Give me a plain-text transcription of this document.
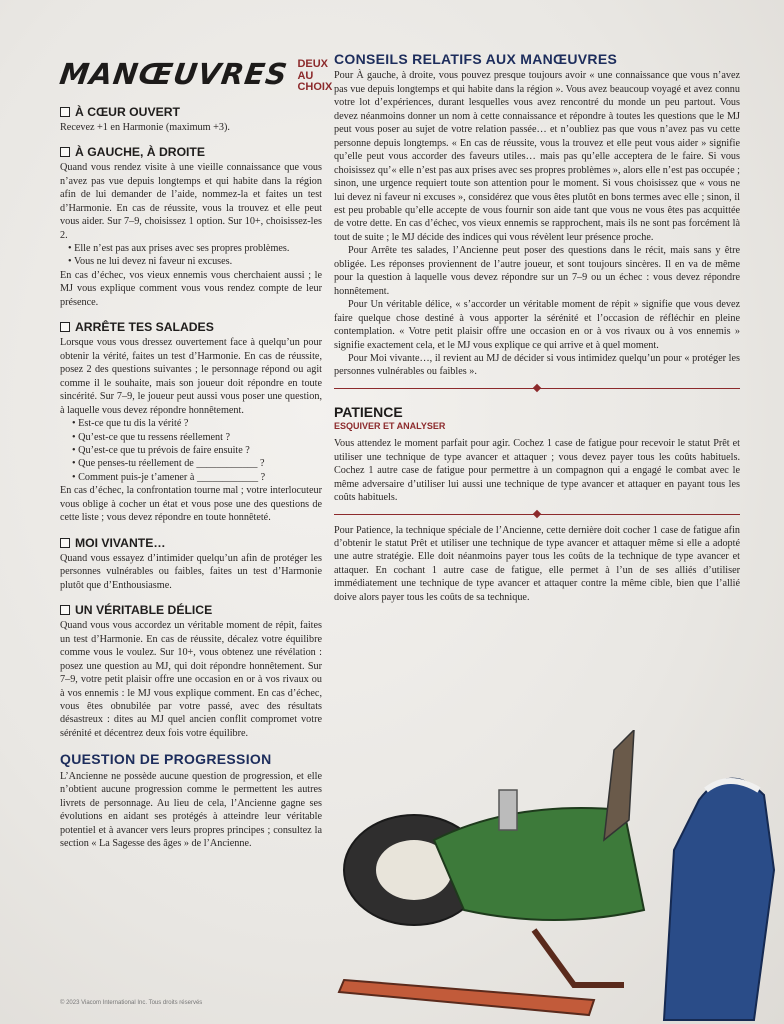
MANŒUVRES DEUX AU CHOIX
À CŒUR OUVERT

Recevez +1 en Harmonie (maximum +3).

À GAUCHE, À DROITE

Quand vous rendez visite à une vieille connaissance que vous n’avez pas vue depuis longtemps et qui habite dans la région afin de lui demander de l’aide, nommez-la et faites un test d’Harmonie. En cas de réussite, vous la trouvez et elle peut vous aider. Sur 7–9, choisissez 1 option. Sur 10+, choisissez-les 2.

• Elle n’est pas aux prises avec ses propres problèmes.
• Vous ne lui devez ni faveur ni excuses.

En cas d’échec, vos vieux ennemis vous cherchaient aussi ; le MJ vous explique comment vous vous rendez compte de leur présence.

ARRÊTE TES SALADES

Lorsque vous vous dressez ouvertement face à quelqu’un pour obtenir la vérité, faites un test d’Harmonie. En cas de réussite, posez 2 des questions suivantes ; le personnage répond ou agit comme il le souhaite, mais son joueur doit répondre en toute sincérité. Sur 7–9, le joueur peut aussi vous poser une question, à laquelle vous devez répondre honnêtement.

• Est-ce que tu dis la vérité ?
• Qu’est-ce que tu ressens réellement ?
• Qu’est-ce que tu prévois de faire ensuite ?
• Que penses-tu réellement de ____________ ?
• Comment puis-je t’amener à ____________ ?

En cas d’échec, la confrontation tourne mal ; votre interlocuteur vous oblige à cocher un état et vous pose une des questions de cette liste ; vous devez répondre en toute honnêteté.

MOI VIVANTE…

Quand vous essayez d’intimider quelqu’un afin de protéger les personnes vulnérables ou faibles, faites un test d’Harmonie plutôt que d’Enthousiasme.

UN VÉRITABLE DÉLICE

Quand vous vous accordez un véritable moment de répit, faites un test d’Harmonie. En cas de réussite, décalez votre équilibre comme vous le voulez. Sur 10+, vous obtenez une révélation : posez une question au MJ, qui doit répondre honnêtement. Sur 7–9, votre petit plaisir offre une occasion en or à vos rivaux ou à vos ennemis : le MJ vous explique comment. En cas d’échec, vous êtes obnubilée par votre passé, avec des résultats désastreux : dites au MJ quel ancien conflit compromet votre sérénité et décentrez deux fois votre équilibre.

QUESTION DE PROGRESSION

L’Ancienne ne possède aucune question de progression, et elle n’obtient aucune progression comme le permettent les autres livrets de personnage. Au lieu de cela, l’Ancienne gagne ses évolutions en aidant ses protégés à atteindre leur véritable potentiel et à avancer vers leurs propres principes ; consultez la section « La Sagesse des âges » de l’Ancienne.

CONSEILS RELATIFS AUX MANŒUVRES

Pour À gauche, à droite, vous pouvez presque toujours avoir « une connaissance que vous n’avez pas vue depuis longtemps et qui habite dans la région ». Vous avez beaucoup voyagé et avez connu votre lot d’expériences, durant lesquelles vous avez rencontré du monde un peu partout. Vous devez néanmoins donner un nom à cette connaissance et répondre à toutes les questions que le MJ peut vous poser au sujet de votre relation passée… et n’oubliez pas que vous n’avez pas vu cette personne depuis longtemps. « En cas de réussite, vous la trouvez et elle peut vous aider » signifie qu’elle peut vous accorder des faveurs utiles… mais pas qu’elle accepterа de le faire. Si vous choisissez qu’« elle n’est pas aux prises avec ses propres problèmes », alors elle n’est pas occupée ; sinon, une urgence requiert toute son attention pour le moment. Si vous choisissez que « vous ne lui devez ni faveur ni excuses », considérez que vous êtes plutôt en bons termes avec elle ; sinon, il est peu probable qu’elle accepte de vous fournir son aide tant que vous ne vous êtes pas acquittée de votre dette. En cas d’échec, vos vieux ennemis se rapprochent, mais ils ne sont pas forcément là tout de suite ; le MJ décide des indices qui vous révèlent leur présence proche.

Pour Arrête tes salades, l’Ancienne peut poser des questions dans le récit, mais sans y être obligée. Les réponses proviennent de l’autre joueur, et sont toujours sincères. Il en va de même pour la question à laquelle vous devez répondre sur un 7–9 ou un échec : vous devez répondre honnêtement.

Pour Un véritable délice, « s’accorder un véritable moment de répit » signifie que vous devez faire quelque chose destiné à vous apporter la sérénité et l’occasion de réfléchir en pleine contemplation. « Votre petit plaisir offre une occasion en or à vos rivaux ou à vos ennemis » signifie exactement cela, et le MJ vous explique ce qui arrive et à quel moment.

Pour Moi vivante…, il revient au MJ de décider si vous intimidez quelqu’un pour « protéger les personnes vulnérables ou faibles ».

PATIENCE
ESQUIVER ET ANALYSER

Vous attendez le moment parfait pour agir. Cochez 1 case de fatigue pour recevoir le statut Prêt et utiliser une technique de type avancer et attaquer ; vous devez payer tous les coûts habituels. Cochez 1 autre case de fatigue pour permettre à un compagnon qui a engagé le combat avec le même adversaire d’utiliser lui aussi une technique de type avancer et attaquer en payant tous les coûts habituels.

Pour Patience, la technique spéciale de l’Ancienne, cette dernière doit cocher 1 case de fatigue afin d’obtenir le statut Prêt et utiliser une technique de type avancer et attaquer même si elle a adopté une autre stratégie. Elle doit néanmoins payer tous les coûts de la technique de type avancer et attaquer. En cochant 1 autre case de fatigue, elle permet à l’un de ses alliés d’utiliser immédiatement une technique de type avancer et attaquer contre la même cible, bien que l’allié doive alors payer tous les coûts de sa technique.

© 2023 Viacom International Inc. Tous droits réservés
